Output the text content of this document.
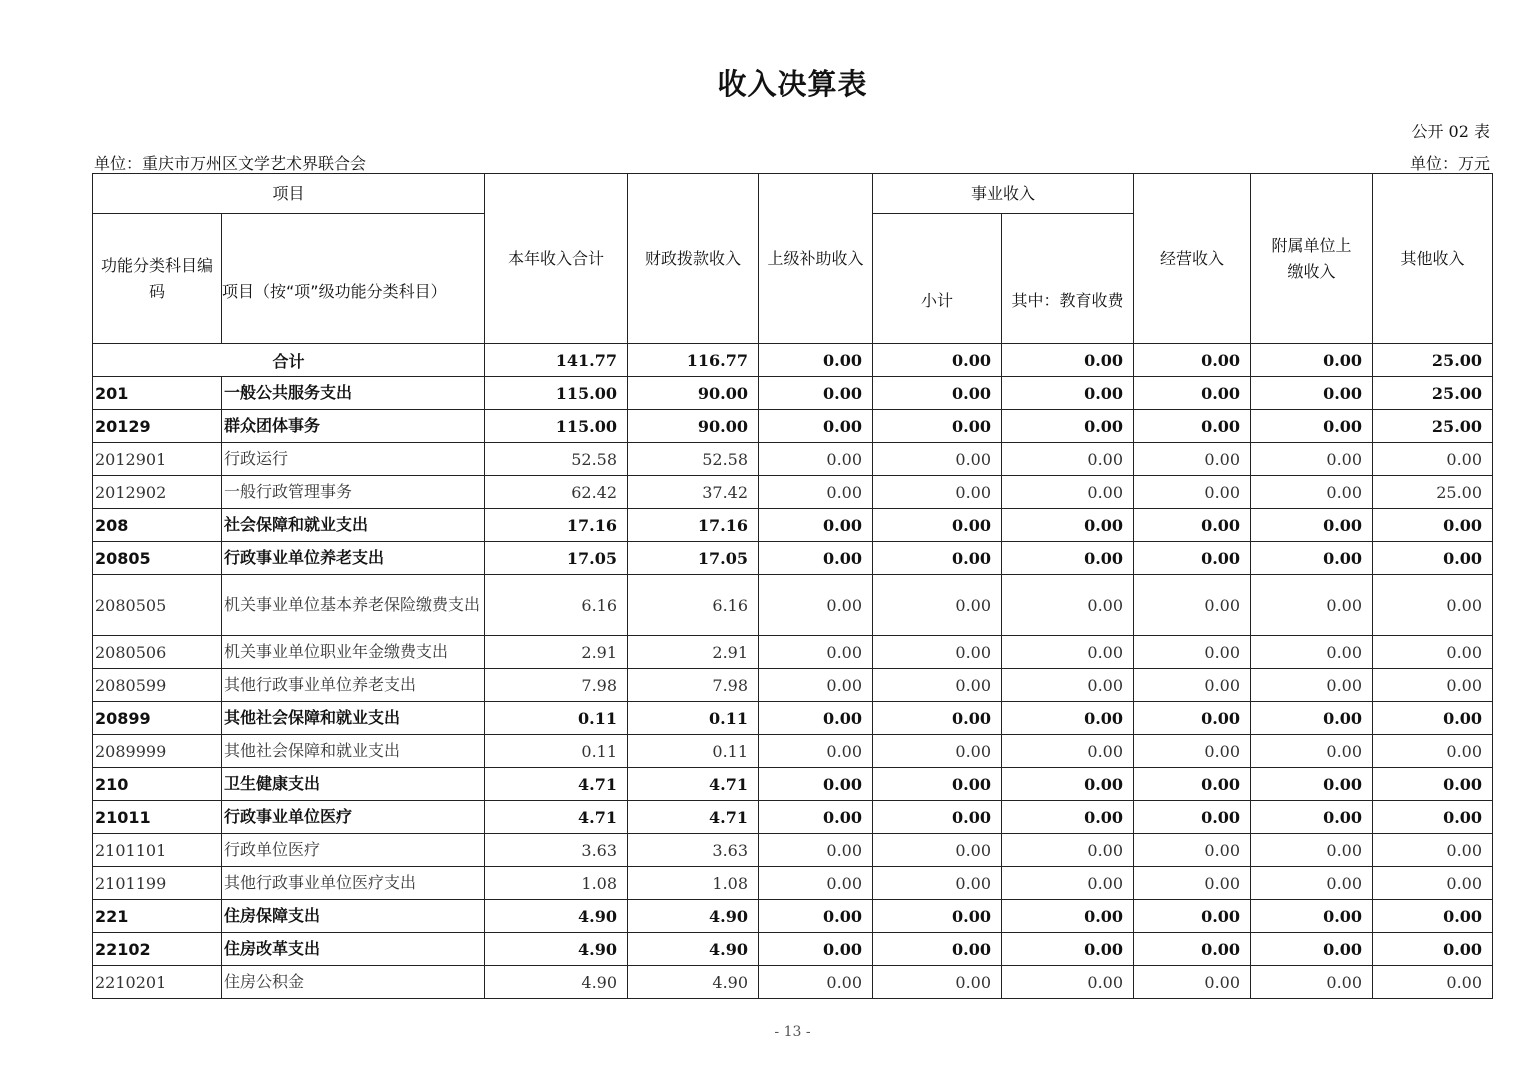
收入决算表
公开 02 表
单位：重庆市万州区文学艺术界联合会	单位：万元
项目		本年收入合计	财政拨款收入	上级补助收入	事业收入		经营收入	附属单位上缴收入	其他收入
功能分类科目编码	项目（按“项”级功能分类科目）				小计	其中：教育收费			
合计		141.77	116.77	0.00	0.00	0.00	0.00	0.00	25.00
201	一般公共服务支出	115.00	90.00	0.00	0.00	0.00	0.00	0.00	25.00
20129	群众团体事务	115.00	90.00	0.00	0.00	0.00	0.00	0.00	25.00
2012901	行政运行	52.58	52.58	0.00	0.00	0.00	0.00	0.00	0.00
2012902	一般行政管理事务	62.42	37.42	0.00	0.00	0.00	0.00	0.00	25.00
208	社会保障和就业支出	17.16	17.16	0.00	0.00	0.00	0.00	0.00	0.00
20805	行政事业单位养老支出	17.05	17.05	0.00	0.00	0.00	0.00	0.00	0.00
2080505	机关事业单位基本养老保险缴费支出	6.16	6.16	0.00	0.00	0.00	0.00	0.00	0.00
2080506	机关事业单位职业年金缴费支出	2.91	2.91	0.00	0.00	0.00	0.00	0.00	0.00
2080599	其他行政事业单位养老支出	7.98	7.98	0.00	0.00	0.00	0.00	0.00	0.00
20899	其他社会保障和就业支出	0.11	0.11	0.00	0.00	0.00	0.00	0.00	0.00
2089999	其他社会保障和就业支出	0.11	0.11	0.00	0.00	0.00	0.00	0.00	0.00
210	卫生健康支出	4.71	4.71	0.00	0.00	0.00	0.00	0.00	0.00
21011	行政事业单位医疗	4.71	4.71	0.00	0.00	0.00	0.00	0.00	0.00
2101101	行政单位医疗	3.63	3.63	0.00	0.00	0.00	0.00	0.00	0.00
2101199	其他行政事业单位医疗支出	1.08	1.08	0.00	0.00	0.00	0.00	0.00	0.00
221	住房保障支出	4.90	4.90	0.00	0.00	0.00	0.00	0.00	0.00
22102	住房改革支出	4.90	4.90	0.00	0.00	0.00	0.00	0.00	0.00
2210201	住房公积金	4.90	4.90	0.00	0.00	0.00	0.00	0.00	0.00
- 13 -
